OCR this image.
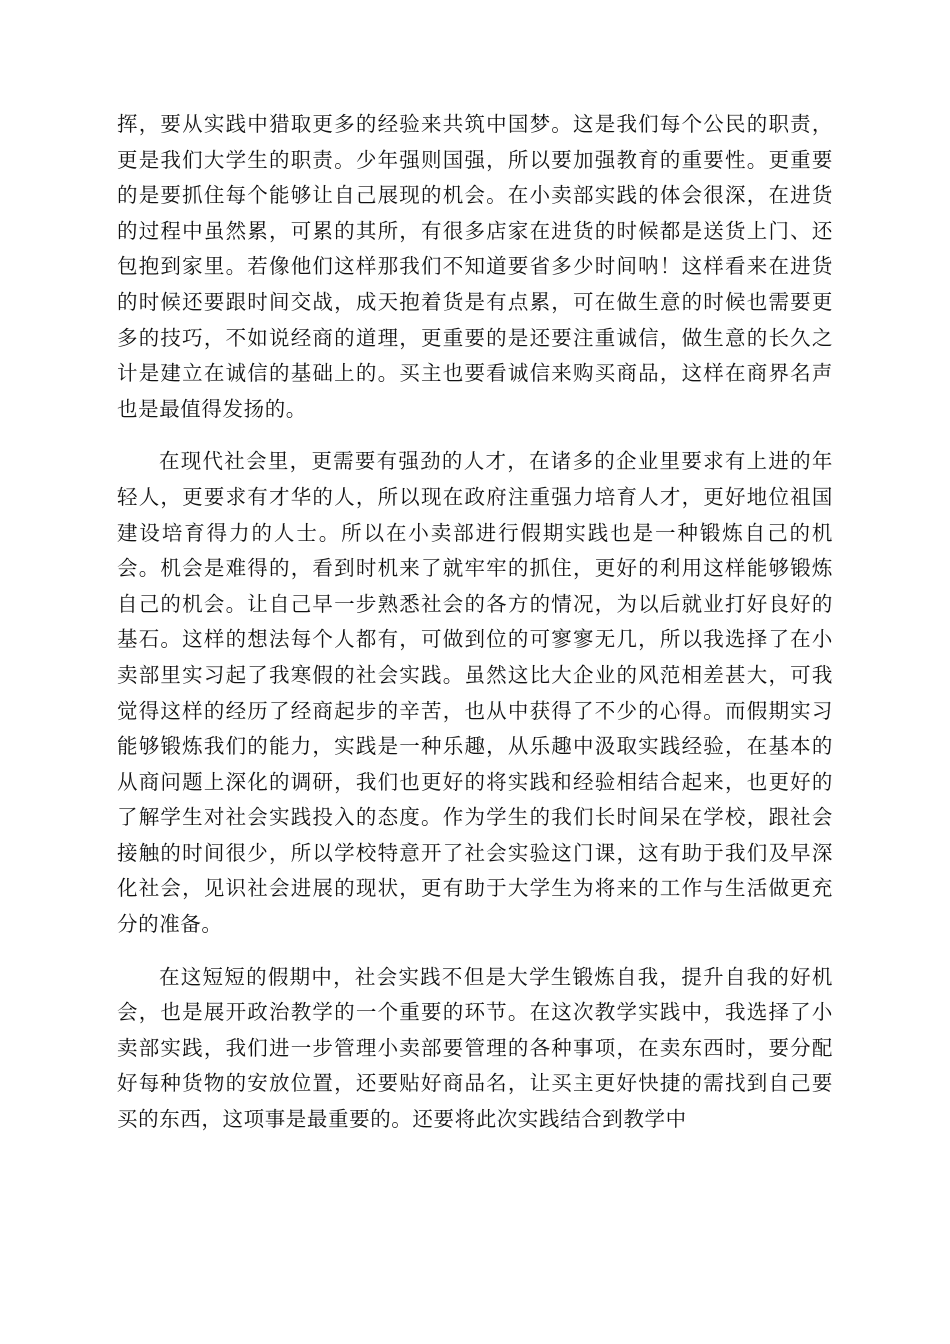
挥，要从实践中猎取更多的经验来共筑中国梦。这是我们每个公民的职责，更是我们大学生的职责。少年强则国强，所以要加强教育的重要性。更重要的是要抓住每个能够让自己展现的机会。在小卖部实践的体会很深，在进货的过程中虽然累，可累的其所，有很多店家在进货的时候都是送货上门、还包抱到家里。若像他们这样那我们不知道要省多少时间呐！这样看来在进货的时候还要跟时间交战，成天抱着货是有点累，可在做生意的时候也需要更多的技巧，不如说经商的道理，更重要的是还要注重诚信，做生意的长久之计是建立在诚信的基础上的。买主也要看诚信来购买商品，这样在商界名声也是最值得发扬的。

在现代社会里，更需要有强劲的人才，在诸多的企业里要求有上进的年轻人，更要求有才华的人，所以现在政府注重强力培育人才，更好地位祖国建设培育得力的人士。所以在小卖部进行假期实践也是一种锻炼自己的机会。机会是难得的，看到时机来了就牢牢的抓住，更好的利用这样能够锻炼自己的机会。让自己早一步熟悉社会的各方的情况，为以后就业打好良好的基石。这样的想法每个人都有，可做到位的可寥寥无几，所以我选择了在小卖部里实习起了我寒假的社会实践。虽然这比大企业的风范相差甚大，可我觉得这样的经历了经商起步的辛苦，也从中获得了不少的心得。而假期实习能够锻炼我们的能力，实践是一种乐趣，从乐趣中汲取实践经验，在基本的从商问题上深化的调研，我们也更好的将实践和经验相结合起来，也更好的了解学生对社会实践投入的态度。作为学生的我们长时间呆在学校，跟社会接触的时间很少，所以学校特意开了社会实验这门课，这有助于我们及早深化社会，见识社会进展的现状，更有助于大学生为将来的工作与生活做更充分的准备。

在这短短的假期中，社会实践不但是大学生锻炼自我，提升自我的好机会，也是展开政治教学的一个重要的环节。在这次教学实践中，我选择了小卖部实践，我们进一步管理小卖部要管理的各种事项，在卖东西时，要分配好每种货物的安放位置，还要贴好商品名，让买主更好快捷的需找到自己要买的东西，这项事是最重要的。还要将此次实践结合到教学中
